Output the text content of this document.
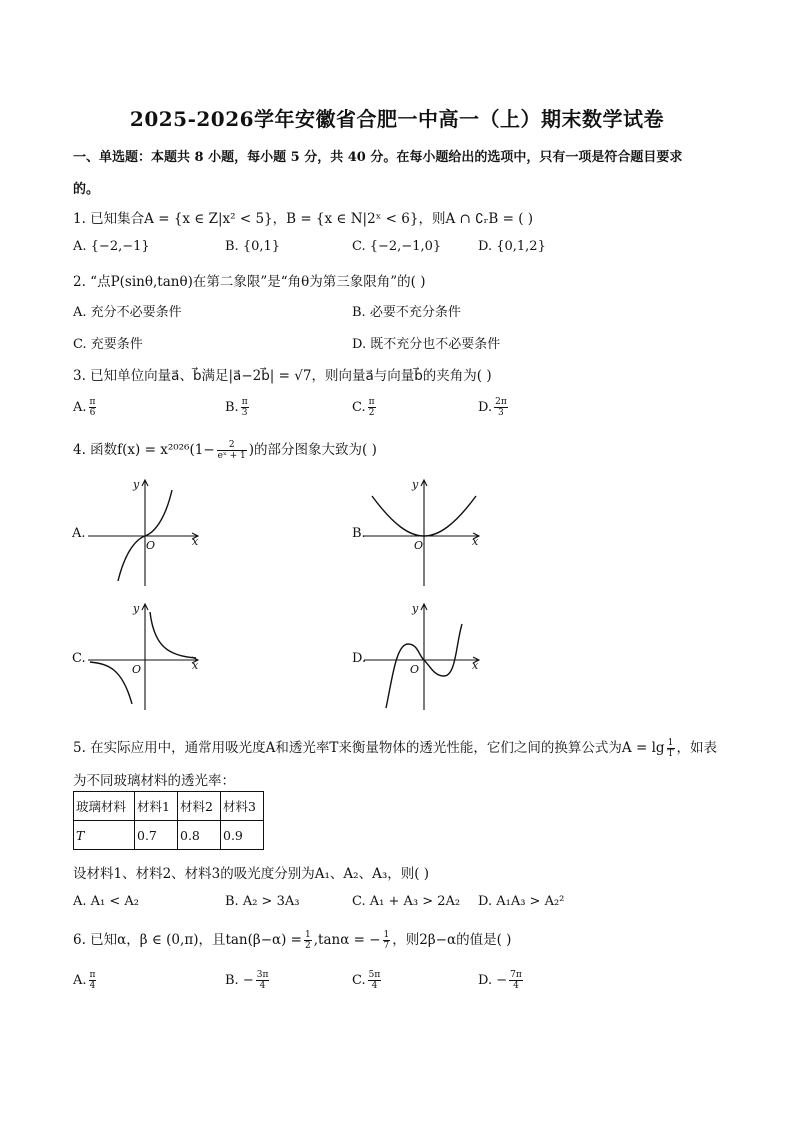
2025-2026学年安徽省合肥一中高一（上）期末数学试卷
一、单选题：本题共 8 小题，每小题 5 分，共 40 分。在每小题给出的选项中，只有一项是符合题目要求
的。
1. 已知集合A = {x ∈ Z|x² < 5}，B = {x ∈ N|2ˣ < 6}，则A ∩ ∁ᵣB = ( )
A. {−2,−1}	B. {0,1}	C. {−2,−1,0}	D. {0,1,2}
2. “点P(sinθ,tanθ)在第二象限”是“角θ为第三象限角”的( )
A. 充分不必要条件	B. 必要不充分条件
C. 充要条件	D. 既不充分也不必要条件
3. 已知单位向量a⃗、b⃗满足|a⃗−2b⃗| = √7，则向量a⃗与向量b⃗的夹角为( )
A. $\frac{\pi}{6}$	B. $\frac{\pi}{3}$	C. $\frac{\pi}{2}$	D. $\frac{2\pi}{3}$
4. 函数$f(x) = x^{2026}(1- \frac{2}{\text{eˣ + 1}}$ )的部分图象大致为( )
A.	B.
C.	D.
y
x
O
y
x
O
y
x
O
y
x
O
5. 在实际应用中，通常用吸光度A和透光率T来衡量物体的透光性能，它们之间的换算公式为$A = \lg \frac{1}{T}$ ，如表
为不同玻璃材料的透光率：
玻璃材料	材料1	材料2	材料3
T	0.7	0.8	0.9
设材料1、材料2、材料3的吸光度分别为A₁、A₂、A₃，则( )
A. A₁ < A₂	B. A₂ > 3A₃	C. A₁ + A₃ > 2A₂ D. A₁A₃ > A₂²
6. 已知α，β ∈ (0,π)，且$\tan(\beta-\alpha) = \frac{1}{2} ,\tan\alpha$ = − $\frac{1}{7}$ ，则2β−α的值是( )
A. $\frac{\pi}{4}$	B. − $\frac{3\pi}{4}$	C. $\frac{5\pi}{4}$	D. − $\frac{7\pi}{4}$
